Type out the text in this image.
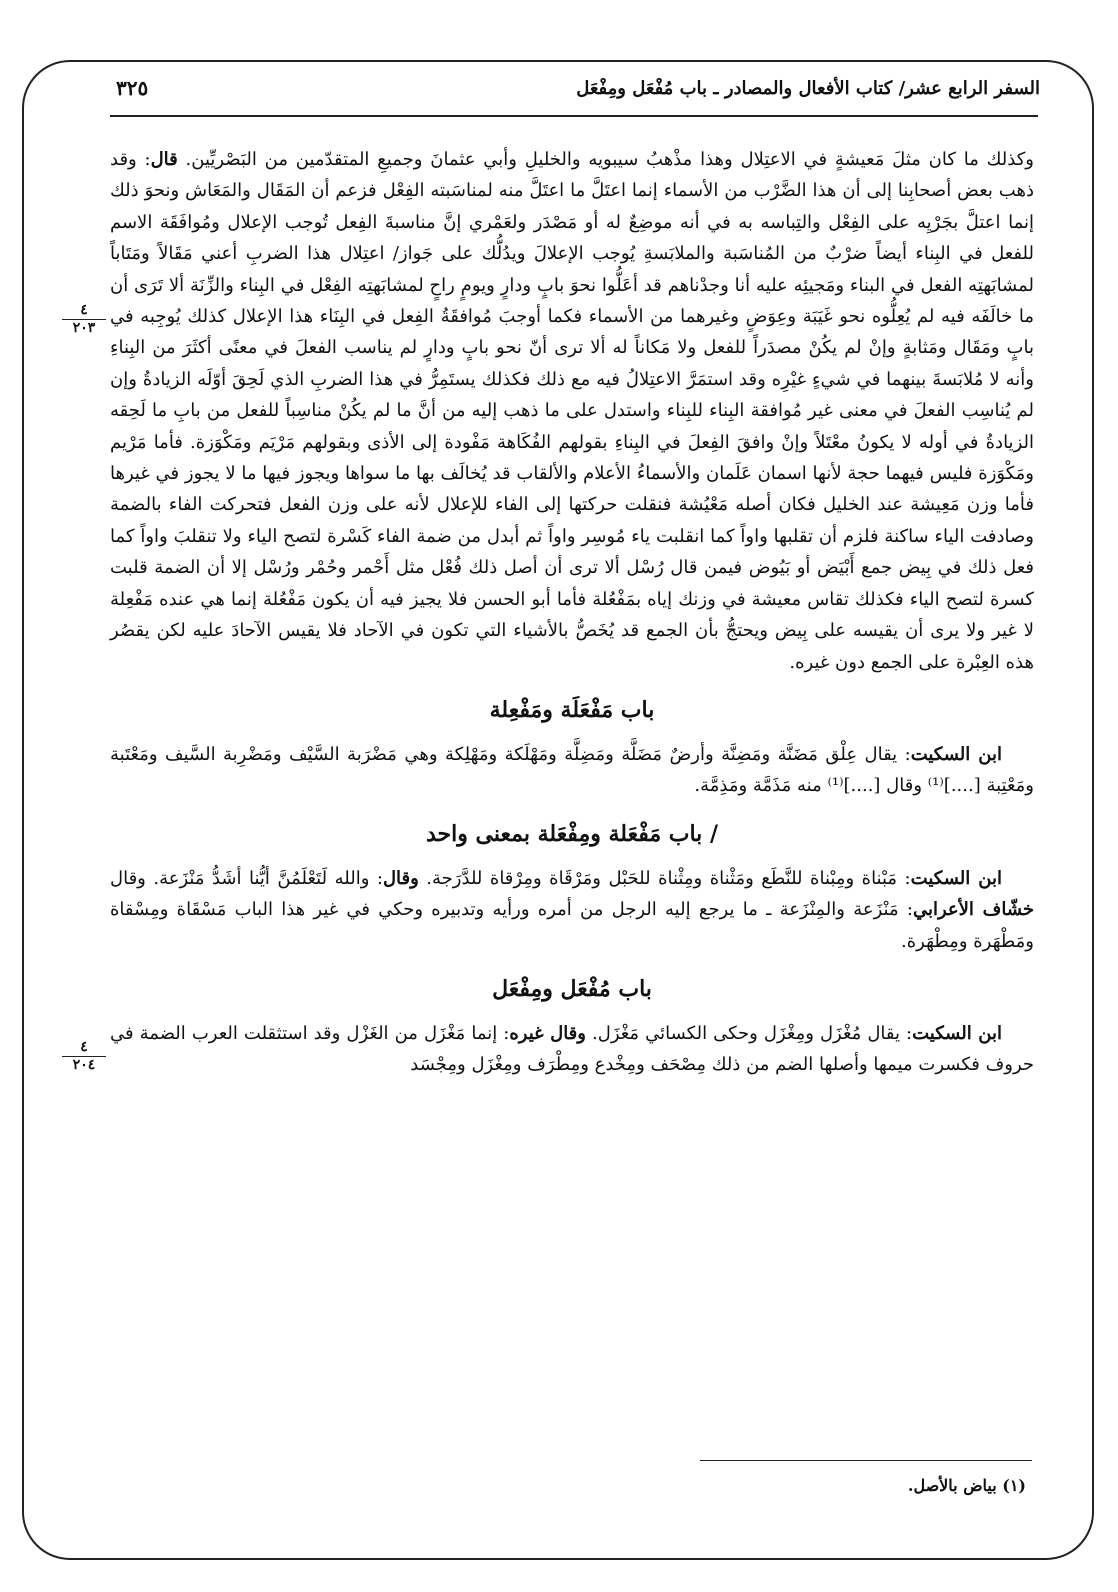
السفر الرابع عشر/ كتاب الأفعال والمصادر ـ باب مُفْعَل ومِفْعَل
٣٢٥
٤
٢٠٣
٤
٢٠٤

وكذلك ما كان مثلَ مَعيشةٍ في الاعتِلال وهذا مذْهبُ سيبويه والخليلِ وأبي عثمانَ وجميعِ المتقدّمين من البَصْريِّين. قال: وقد ذهب بعض أصحابِنا إلى أن هذا الضَّرْب من الأسماء إنما اعتَلَّ ما اعتَلَّ منه لمناسَبته الفِعْل فزعم أن المَقَال والمَعَاش ونحوَ ذلك إنما اعتلَّ بجَرْيِه على الفِعْل والتِباسه به في أنه موضِعٌ له أو مَصْدَر ولعَمْري إنَّ مناسبةَ الفِعل تُوجب الإعلال ومُوافَقَة الاسم للفعل في البِناء أيضاً ضرْبٌ من المُناسَبة والملابَسةِ يُوجب الإعلالَ ويدُلُّك على جَواز/ اعتِلال هذا الضربِ أعني مَقَالاً ومَتَاباً لمشابَهتِه الفعل في البناء ومَجيئِه عليه أنا وجدْناهم قد أعَلُّوا نحوَ بابٍ ودارٍ ويومٍ راحٍ لمشابَهتِه الفِعْل في البِناء والزِّنَة ألا تَرَى أن ما خالَفَه فيه لم يُعِلُّوه نحو غَيَبَة وعِوَضٍ وغيرهما من الأسماء فكما أوجبَ مُوافقَةُ الفِعل في البِنَاء هذا الإعلال كذلك يُوجِبه في بابٍ ومَقَال ومَثابةٍ وإنْ لم يكُنْ مصدَراً للفعل ولا مَكاناً له ألا ترى أنّ نحو بابٍ ودارٍ لم يناسب الفعلَ في معنًى أكثَرَ من البِناءِ وأنه لا مُلابَسةَ بينهما في شيءٍ غيْرِه وقد استمَرَّ الاعتِلالُ فيه مع ذلك فكذلك يستَمِرُّ في هذا الضربِ الذي لَحِقَ أوّلَه الزيادةُ وإن لم يُناسِب الفعلَ في معنى غير مُوافقة البِناء للبِناء واستدل على ما ذهب إليه من أنَّ ما لم يكُنْ مناسِباً للفعل من بابِ ما لَحِقه الزيادةُ في أوله لا يكونُ معْتَلاً وإنْ وافقَ الفِعلَ في البِناءِ بقولهم الفُكَاهة مَفْودة إلى الأذى وبقولهم مَرْيَم ومَكْوَزة. فأما مَرْيم ومَكْوَزة فليس فيهما حجة لأنها اسمان عَلَمان والأسماءُ الأعلام والألقاب قد يُخالَف بها ما سواها ويجوز فيها ما لا يجوز في غيرها فأما وزن مَعِيشة عند الخليل فكان أصله مَعْيُشة فنقلت حركتها إلى الفاء للإعلال لأنه على وزن الفعل فتحركت الفاء بالضمة وصادفت الياء ساكنة فلزم أن تقلبها واواً كما انقلبت ياء مُوسِر واواً ثم أبدل من ضمة الفاء كَسْرة لتصح الياء ولا تنقلبَ واواً كما فعل ذلك في بِيض جمع أَبْيَض أو بَيُوض فيمن قال رُسْل ألا ترى أن أصل ذلك فُعْل مثل أَحْمر وحُمْر ورُسْل إلا أن الضمة قلبت كسرة لتصح الياء فكذلك تقاس معيشة في وزنك إياه بمَفْعُلة فأما أبو الحسن فلا يجيز فيه أن يكون مَفْعُلة إنما هي عنده مَفْعِلة لا غير ولا يرى أن يقيسه على بِيض ويحتجُّ بأن الجمع قد يُخَصُّ بالأشياء التي تكون في الآحاد فلا يقيس الآحادَ عليه لكن يقصُر هذه العِبْرة على الجمع دون غيره.

باب مَفْعَلَة ومَفْعِلة

ابن السكيت: يقال عِلْق مَضَنَّة ومَضِنَّة وأرضٌ مَضَلَّة ومَضِلَّة ومَهْلَكة ومَهْلِكة وهي مَضْرَبة السَّيْف ومَضْرِبة السَّيف ومَعْتَبة ومَعْتِبة [....]⁽¹⁾ وقال [....]⁽¹⁾ منه مَذَمَّة ومَذِمَّة.

/ باب مَفْعَلة ومِفْعَلة بمعنى واحد

ابن السكيت: مَبْناة ومِبْناة للنَّطَع ومَثْناة ومِثْناة للحَبْل ومَرْقَاة ومِرْقاة للدَّرَجة. وقال: والله لَتَعْلَمُنَّ أيُّنا أشَدُّ مَنْزَعة. وقال خشّاف الأعرابي: مَنْزَعة والمِنْزَعة ـ ما يرجع إليه الرجل من أمره ورأيه وتدبيره وحكي في غير هذا الباب مَسْقَاة ومِسْقاة ومَطْهَرة ومِطْهَرة.

باب مُفْعَل ومِفْعَل

ابن السكيت: يقال مُغْزَل ومِغْزَل وحكى الكسائي مَغْزَل. وقال غيره: إنما مَغْزَل من الغَزْل وقد استثقلت العرب الضمة في حروف فكسرت ميمها وأصلها الضم من ذلك مِصْحَف ومِخْدع ومِطْرَف ومِغْزَل ومِجْسَد

(١) بياض بالأصل.
